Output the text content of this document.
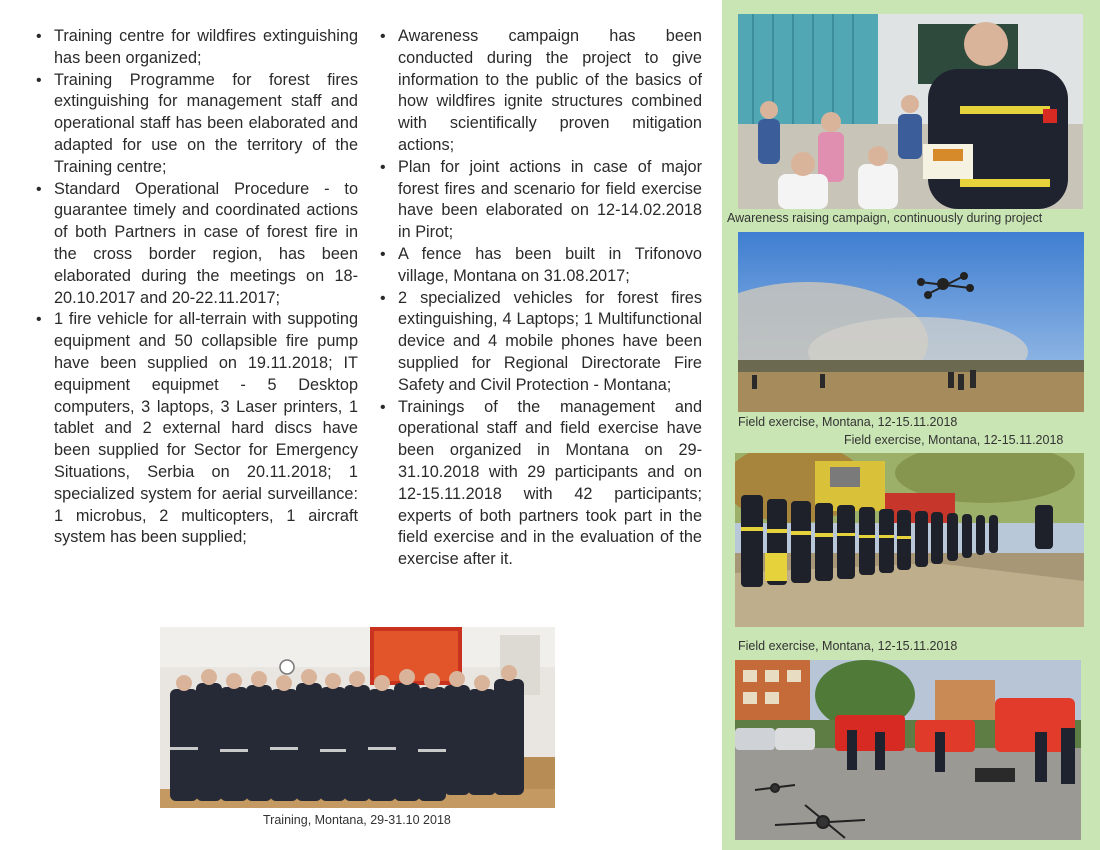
• Training centre for wildfires extinguishing has been organized;
• Training Programme for forest fires extinguishing for management staff and operational staff has been elaborated and adapted for use on the territory of the Training centre;
• Standard Operational Procedure - to guarantee timely and coordinated actions of both Partners in case of forest fire in the cross border region, has been elaborated during the meetings on 18-20.10.2017 and 20-22.11.2017;
• 1 fire vehicle for all-terrain with suppoting equipment and 50 collapsible fire pump have been supplied on 19.11.2018; IT equipment equipmet - 5 Desktop computers, 3 laptops, 3 Laser printers, 1 tablet and 2 external hard discs have been supplied for Sector for Emergency Situations, Serbia on 20.11.2018; 1 specialized system for aerial surveillance: 1 microbus, 2 multicopters, 1 aircraft system has been supplied;
• Awareness campaign has been conducted during the project to give information to the public of the basics of how wildfires ignite structures combined with scientifically proven mitigation actions;
• Plan for joint actions in case of major forest fires and scenario for field exercise have been elaborated on 12-14.02.2018 in Pirot;
• A fence has been built in Trifonovo village, Montana on 31.08.2017;
• 2 specialized vehicles for forest fires extinguishing, 4 Laptops; 1 Multifunctional device and 4 mobile phones have been supplied for Regional Directorate Fire Safety and Civil Protection - Montana;
• Trainings of the management and operational staff and field exercise have been organized in Montana on 29-31.10.2018 with 29 participants and on 12-15.11.2018 with 42 participants; experts of both partners took part in the field exercise and in the evaluation of the exercise after it.
Training, Montana, 29-31.10 2018
Awareness raising campaign, continuously during project
Field exercise, Montana, 12-15.11.2018
Field exercise, Montana, 12-15.11.2018
Field exercise, Montana, 12-15.11.2018
